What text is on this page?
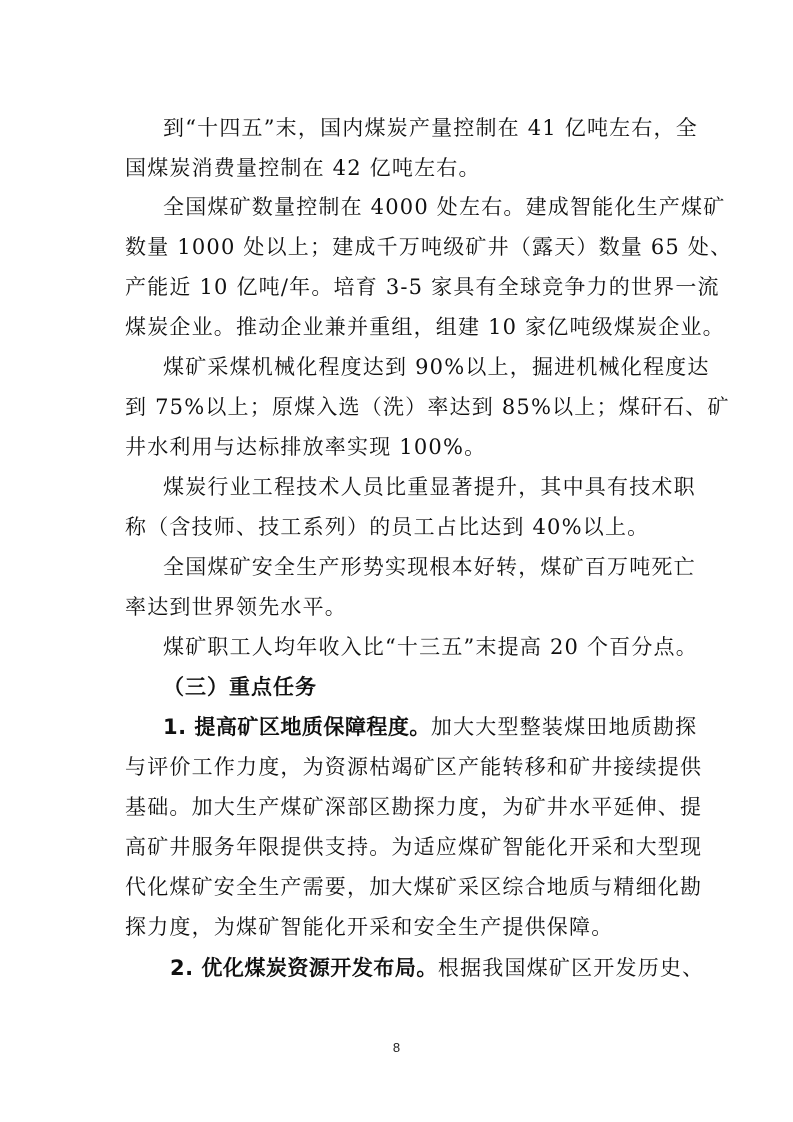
到“十四五”末，国内煤炭产量控制在 41 亿吨左右，全
国煤炭消费量控制在 42 亿吨左右。
全国煤矿数量控制在 4000 处左右。建成智能化生产煤矿
数量 1000 处以上；建成千万吨级矿井（露天）数量 65 处、
产能近 10 亿吨/年。培育 3-5 家具有全球竞争力的世界一流
煤炭企业。推动企业兼并重组，组建 10 家亿吨级煤炭企业。
煤矿采煤机械化程度达到 90%以上，掘进机械化程度达
到 75%以上；原煤入选（洗）率达到 85%以上；煤矸石、矿
井水利用与达标排放率实现 100%。
煤炭行业工程技术人员比重显著提升，其中具有技术职
称（含技师、技工系列）的员工占比达到 40%以上。
全国煤矿安全生产形势实现根本好转，煤矿百万吨死亡
率达到世界领先水平。
煤矿职工人均年收入比“十三五”末提高 20 个百分点。
（三）重点任务
1. 提高矿区地质保障程度。加大大型整装煤田地质勘探
与评价工作力度，为资源枯竭矿区产能转移和矿井接续提供
基础。加大生产煤矿深部区勘探力度，为矿井水平延伸、提
高矿井服务年限提供支持。为适应煤矿智能化开采和大型现
代化煤矿安全生产需要，加大煤矿采区综合地质与精细化勘
探力度，为煤矿智能化开采和安全生产提供保障。
2. 优化煤炭资源开发布局。根据我国煤矿区开发历史、
8
